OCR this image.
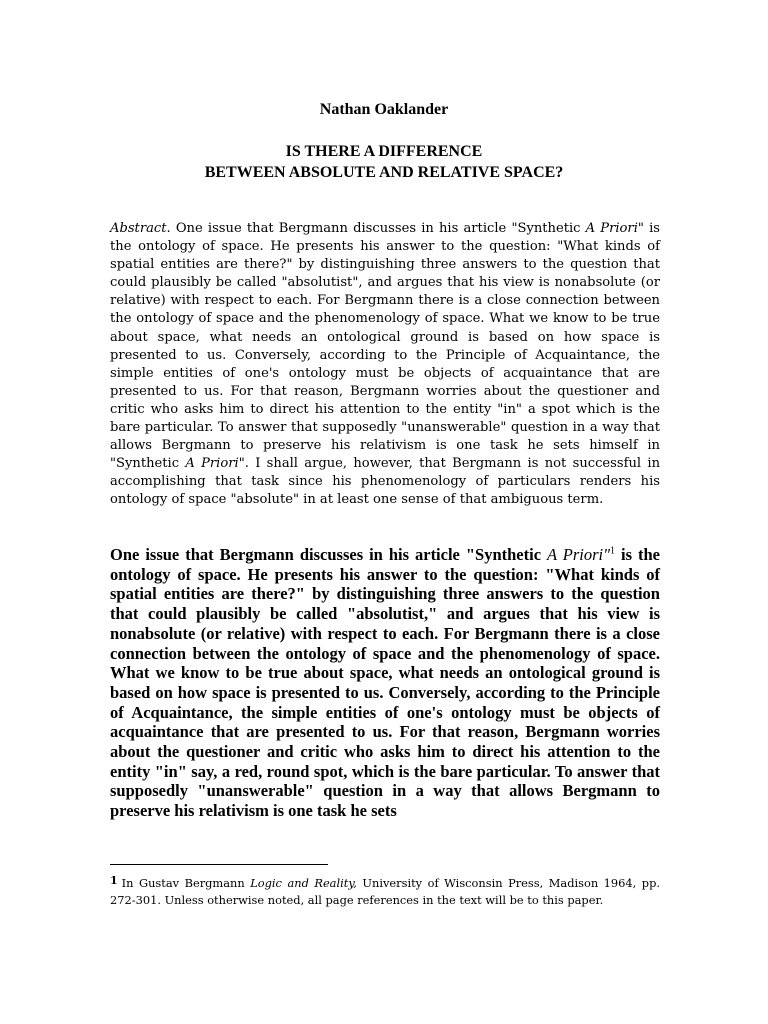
Nathan Oaklander
IS THERE A DIFFERENCE
BETWEEN ABSOLUTE AND RELATIVE SPACE?
Abstract. One issue that Bergmann discusses in his article "Synthetic A Priori" is the ontology of space. He presents his answer to the question: "What kinds of spatial entities are there?" by distinguishing three answers to the question that could plausibly be called "absolutist", and argues that his view is nonabsolute (or relative) with respect to each. For Bergmann there is a close connection between the ontology of space and the phenomenology of space. What we know to be true about space, what needs an ontological ground is based on how space is presented to us. Conversely, according to the Principle of Acquaintance, the simple entities of one's ontology must be objects of acquaintance that are presented to us. For that reason, Bergmann worries about the questioner and critic who asks him to direct his attention to the entity "in" a spot which is the bare particular. To answer that supposedly "unanswerable" question in a way that allows Bergmann to preserve his relativism is one task he sets himself in "Synthetic A Priori". I shall argue, however, that Bergmann is not successful in accomplishing that task since his phenomenology of particulars renders his ontology of space "absolute" in at least one sense of that ambiguous term.
One issue that Bergmann discusses in his article "Synthetic A Priori"$^1$ is the ontology of space. He presents his answer to the question: "What kinds of spatial entities are there?" by distinguishing three answers to the question that could plausibly be called "absolutist," and argues that his view is nonabsolute (or relative) with respect to each. For Bergmann there is a close connection between the ontology of space and the phenomenology of space. What we know to be true about space, what needs an ontological ground is based on how space is presented to us. Conversely, according to the Principle of Acquaintance, the simple entities of one's ontology must be objects of acquaintance that are presented to us. For that reason, Bergmann worries about the questioner and critic who asks him to direct his attention to the entity "in" say, a red, round spot, which is the bare particular. To answer that supposedly "unanswerable" question in a way that allows Bergmann to preserve his relativism is one task he sets
1 In Gustav Bergmann Logic and Reality, University of Wisconsin Press, Madison 1964, pp. 272-301. Unless otherwise noted, all page references in the text will be to this paper.
